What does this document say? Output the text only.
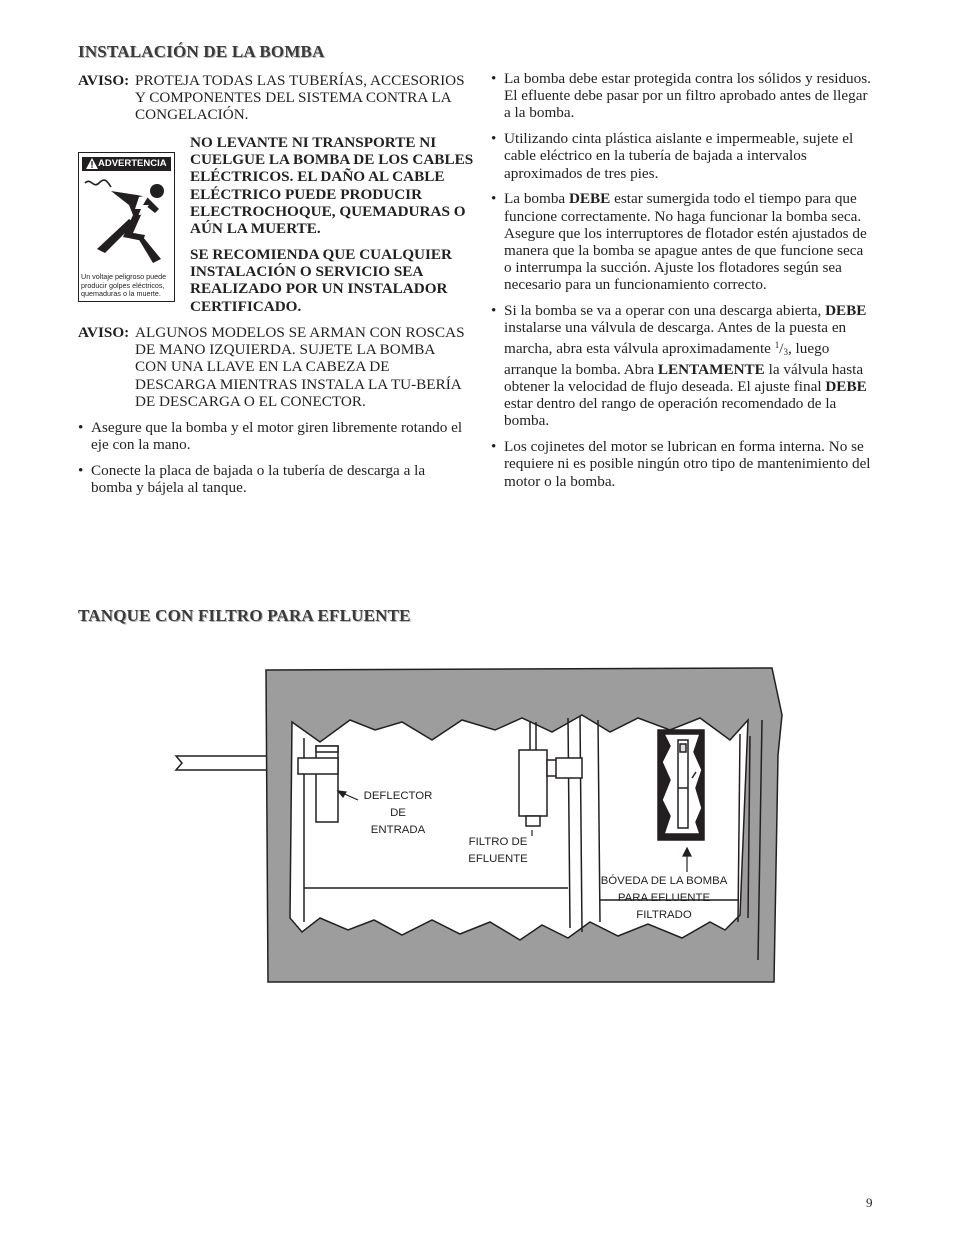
INSTALACIÓN DE LA BOMBA
AVISO: PROTEJA TODAS LAS TUBERÍAS, ACCESORIOS Y COMPONENTES DEL SISTEMA CONTRA LA CONGELACIÓN.
ADVERTENCIA
Un voltaje peligroso puede producir golpes eléctricos, quemaduras o la muerte.

NO LEVANTE NI TRANSPORTE NI CUELGUE LA BOMBA DE LOS CABLES ELÉCTRICOS. EL DAÑO AL CABLE ELÉCTRICO PUEDE PRODUCIR ELECTROCHOQUE, QUEMADURAS O AÚN LA MUERTE.

SE RECOMIENDA QUE CUALQUIER INSTALACIÓN O SERVICIO SEA REALIZADO POR UN INSTALADOR CERTIFICADO.

AVISO: ALGUNOS MODELOS SE ARMAN CON ROSCAS DE MANO IZQUIERDA. SUJETE LA BOMBA CON UNA LLAVE EN LA CABEZA DE DESCARGA MIENTRAS INSTALA LA TU-BERÍA DE DESCARGA O EL CONECTOR.
• Asegure que la bomba y el motor giren libremente rotando el eje con la mano.
• Conecte la placa de bajada o la tubería de descarga a la bomba y bájela al tanque.
• La bomba debe estar protegida contra los sólidos y residuos. El efluente debe pasar por un filtro aprobado antes de llegar a la bomba.
• Utilizando cinta plástica aislante e impermeable, sujete el cable eléctrico en la tubería de bajada a intervalos aproximados de tres pies.
• La bomba DEBE estar sumergida todo el tiempo para que funcione correctamente. No haga funcionar la bomba seca. Asegure que los interruptores de flotador estén ajustados de manera que la bomba se apague antes de que funcione seca o interrumpa la succión. Ajuste los flotadores según sea necesario para un funcionamiento correcto.
• Si la bomba se va a operar con una descarga abierta, DEBE instalarse una válvula de descarga. Antes de la puesta en marcha, abra esta válvula aproximadamente $^1$/3, luego arranque la bomba. Abra LENTAMENTE la válvula hasta obtener la velocidad de flujo deseada. El ajuste final DEBE estar dentro del rango de operación recomendado de la bomba.
• Los cojinetes del motor se lubrican en forma interna. No se requiere ni es posible ningún otro tipo de mantenimiento del motor o la bomba.
TANQUE CON FILTRO PARA EFLUENTE
DEFLECTOR DE
ENTRADA
FILTRO DE EFLUENTE
BÓVEDA DE LA BOMBA
PARA EFLUENTE
FILTRADO
9
